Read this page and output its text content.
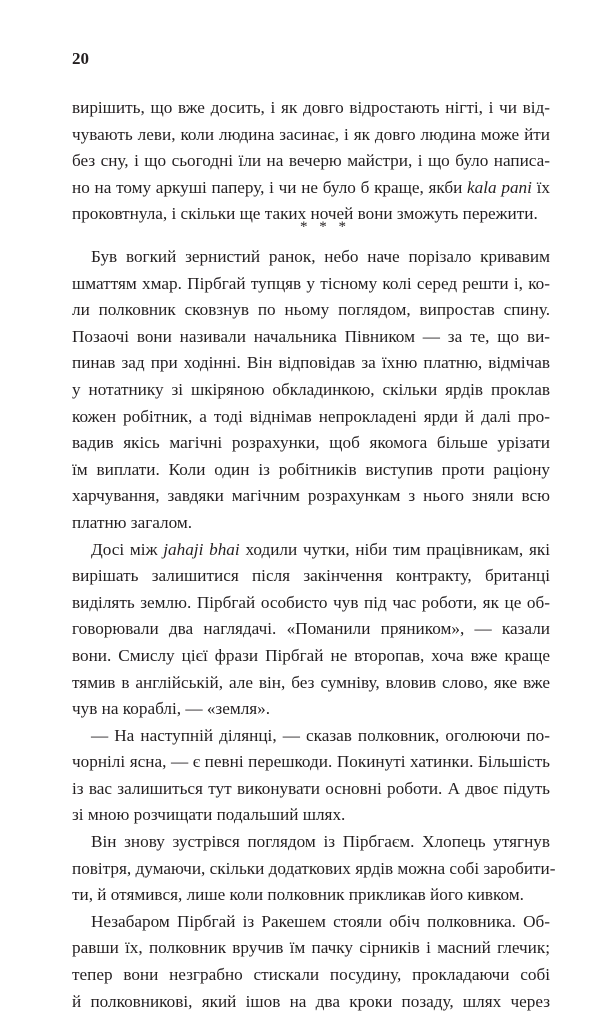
20
вирішить, що вже досить, і як довго відростають нігті, і чи від-
чувають леви, коли людина засинає, і як довго людина може йти
без сну, і що сьогодні їли на вечерю майстри, і що було написа-
но на тому аркуші паперу, і чи не було б краще, якби kala pani їх
проковтнула, і скільки ще таких ночей вони зможуть пережити.
* * *
Був вогкий зернистий ранок, небо наче порізало кривавим
шматтям хмар. Пірбгай тупцяв у тісному колі серед решти і, ко-
ли полковник сковзнув по ньому поглядом, випростав спину.
Позаочі вони називали начальника Півником — за те, що ви-
пинав зад при ходінні. Він відповідав за їхню платню, відмічав
у нотатнику зі шкіряною обкладинкою, скільки ярдів проклав
кожен робітник, а тоді віднімав непрокладені ярди й далі про-
вадив якісь магічні розрахунки, щоб якомога більше урізати
їм виплати. Коли один із робітників виступив проти раціону
харчування, завдяки магічним розрахункам з нього зняли всю
платню загалом.
Досі між jahaji bhai ходили чутки, ніби тим працівникам, які
вирішать залишитися після закінчення контракту, британці
виділять землю. Пірбгай особисто чув під час роботи, як це об-
говорювали два наглядачі. «Поманили пряником», — казали
вони. Смислу цієї фрази Пірбгай не второпав, хоча вже краще
тямив в англійській, але він, без сумніву, вловив слово, яке вже
чув на кораблі, — «земля».
— На наступній ділянці, — сказав полковник, оголюючи по-
чорнілі ясна, — є певні перешкоди. Покинуті хатинки. Більшість
із вас залишиться тут виконувати основні роботи. А двоє підуть
зі мною розчищати подальший шлях.
Він знову зустрівся поглядом із Пірбгаєм. Хлопець утягнув
повітря, думаючи, скільки додаткових ярдів можна собі заробити-
ти, й отямився, лише коли полковник прикликав його кивком.
Незабаром Пірбгай із Ракешем стояли обіч полковника. Об-
равши їх, полковник вручив їм пачку сірників і масний глечик;
тепер вони незграбно стискали посудину, прокладаючи собі
й полковникові, який ішов на два кроки позаду, шлях через
